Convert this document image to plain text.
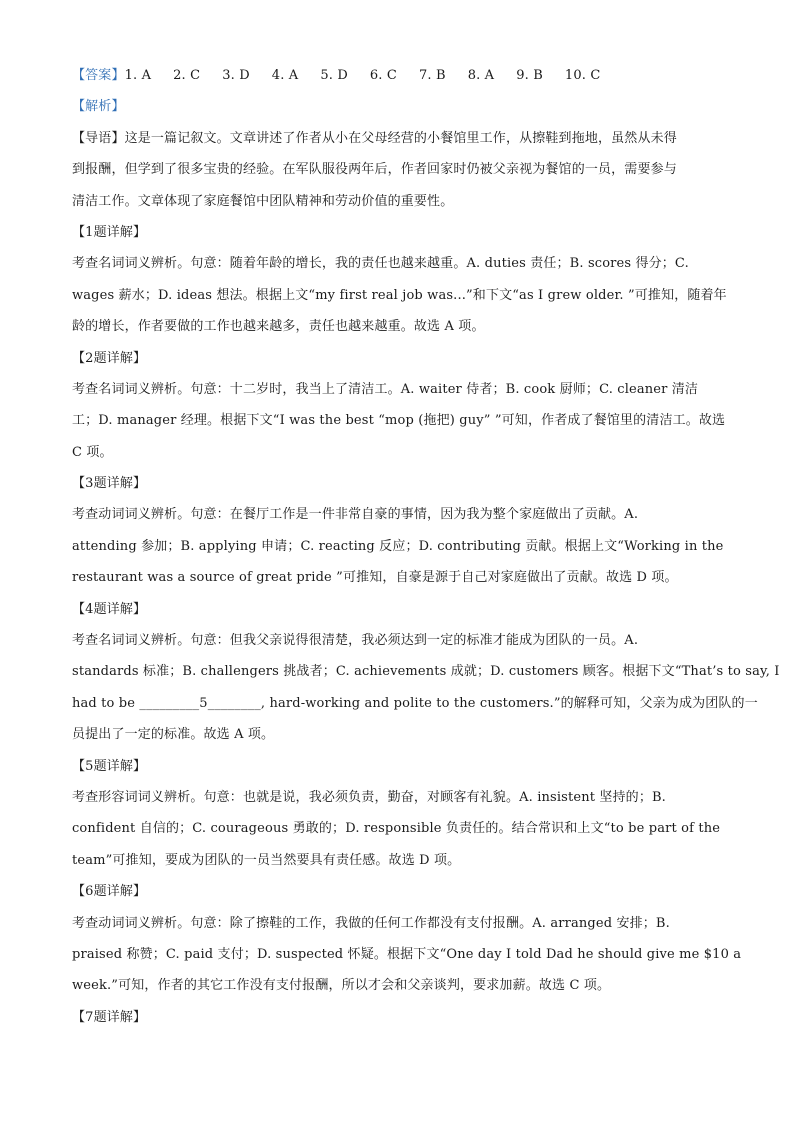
【答案】1. A 2. C 3. D 4. A 5. D 6. C 7. B 8. A 9. B 10. C
【解析】
【导语】这是一篇记叙文。文章讲述了作者从小在父母经营的小餐馆里工作，从擦鞋到拖地，虽然从未得
到报酬，但学到了很多宝贵的经验。在军队服役两年后，作者回家时仍被父亲视为餐馆的一员，需要参与
清洁工作。文章体现了家庭餐馆中团队精神和劳动价值的重要性。
【1题详解】
考查名词词义辨析。句意：随着年龄的增长，我的责任也越来越重。A. duties 责任；B. scores 得分；C.
wages 薪水；D. ideas 想法。根据上文“my first real job was...”和下文“as I grew older. ”可推知，随着年
龄的增长，作者要做的工作也越来越多，责任也越来越重。故选 A 项。
【2题详解】
考查名词词义辨析。句意：十二岁时，我当上了清洁工。A. waiter 侍者；B. cook 厨师；C. cleaner 清洁
工；D. manager 经理。根据下文“I was the best “mop (拖把) guy” ”可知，作者成了餐馆里的清洁工。故选
C 项。
【3题详解】
考查动词词义辨析。句意：在餐厅工作是一件非常自豪的事情，因为我为整个家庭做出了贡献。A.
attending 参加；B. applying 申请；C. reacting 反应；D. contributing 贡献。根据上文“Working in the
restaurant was a source of great pride ”可推知，自豪是源于自己对家庭做出了贡献。故选 D 项。
【4题详解】
考查名词词义辨析。句意：但我父亲说得很清楚，我必须达到一定的标准才能成为团队的一员。A.
standards 标准；B. challengers 挑战者；C. achievements 成就；D. customers 顾客。根据下文“That’s to say, I
had to be _________5________, hard-working and polite to the customers.”的解释可知，父亲为成为团队的一
员提出了一定的标准。故选 A 项。
【5题详解】
考查形容词词义辨析。句意：也就是说，我必须负责，勤奋，对顾客有礼貌。A. insistent 坚持的；B.
confident 自信的；C. courageous 勇敢的；D. responsible 负责任的。结合常识和上文“to be part of the
team”可推知，要成为团队的一员当然要具有责任感。故选 D 项。
【6题详解】
考查动词词义辨析。句意：除了擦鞋的工作，我做的任何工作都没有支付报酬。A. arranged 安排；B.
praised 称赞；C. paid 支付；D. suspected 怀疑。根据下文“One day I told Dad he should give me $10 a
week.”可知，作者的其它工作没有支付报酬，所以才会和父亲谈判，要求加薪。故选 C 项。
【7题详解】
